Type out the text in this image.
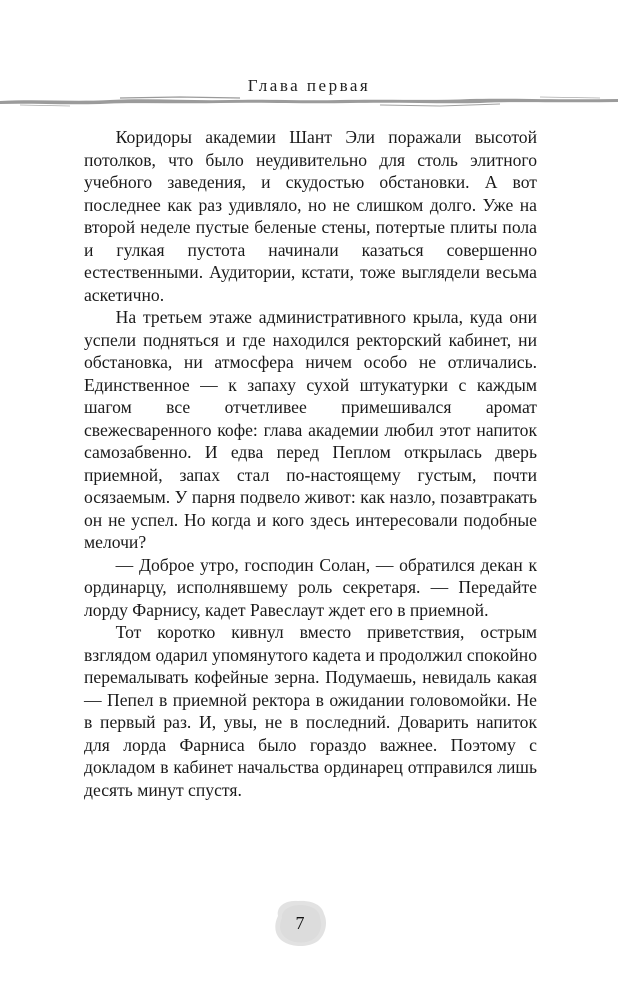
Глава первая

Коридоры академии Шант Эли поражали высотой потолков, что было неудивительно для столь элитного учебного заведения, и скудостью обстановки. А вот последнее как раз удивляло, но не слишком долго. Уже на второй неделе пустые беленые стены, потертые плиты пола и гулкая пустота начинали казаться совершенно естественными. Аудитории, кстати, тоже выглядели весьма аскетично.

На третьем этаже административного крыла, куда они успели подняться и где находился ректорский кабинет, ни обстановка, ни атмосфера ничем особо не отличались. Единственное — к запаху сухой штукатурки с каждым шагом все отчетливее примешивался аромат свежесваренного кофе: глава академии любил этот напиток самозабвенно. И едва перед Пеплом открылась дверь приемной, запах стал по-настоящему густым, почти осязаемым. У парня подвело живот: как назло, позавтракать он не успел. Но когда и кого здесь интересовали подобные мелочи?

— Доброе утро, господин Солан, — обратился декан к ординарцу, исполнявшему роль секретаря. — Передайте лорду Фарнису, кадет Равеслаут ждет его в приемной.

Тот коротко кивнул вместо приветствия, острым взглядом одарил упомянутого кадета и продолжил спокойно перемалывать кофейные зерна. Подумаешь, невидаль какая — Пепел в приемной ректора в ожидании головомойки. Не в первый раз. И, увы, не в последний. Доварить напиток для лорда Фарниса было гораздо важнее. Поэтому с докладом в кабинет начальства ординарец отправился лишь десять минут спустя.

7
